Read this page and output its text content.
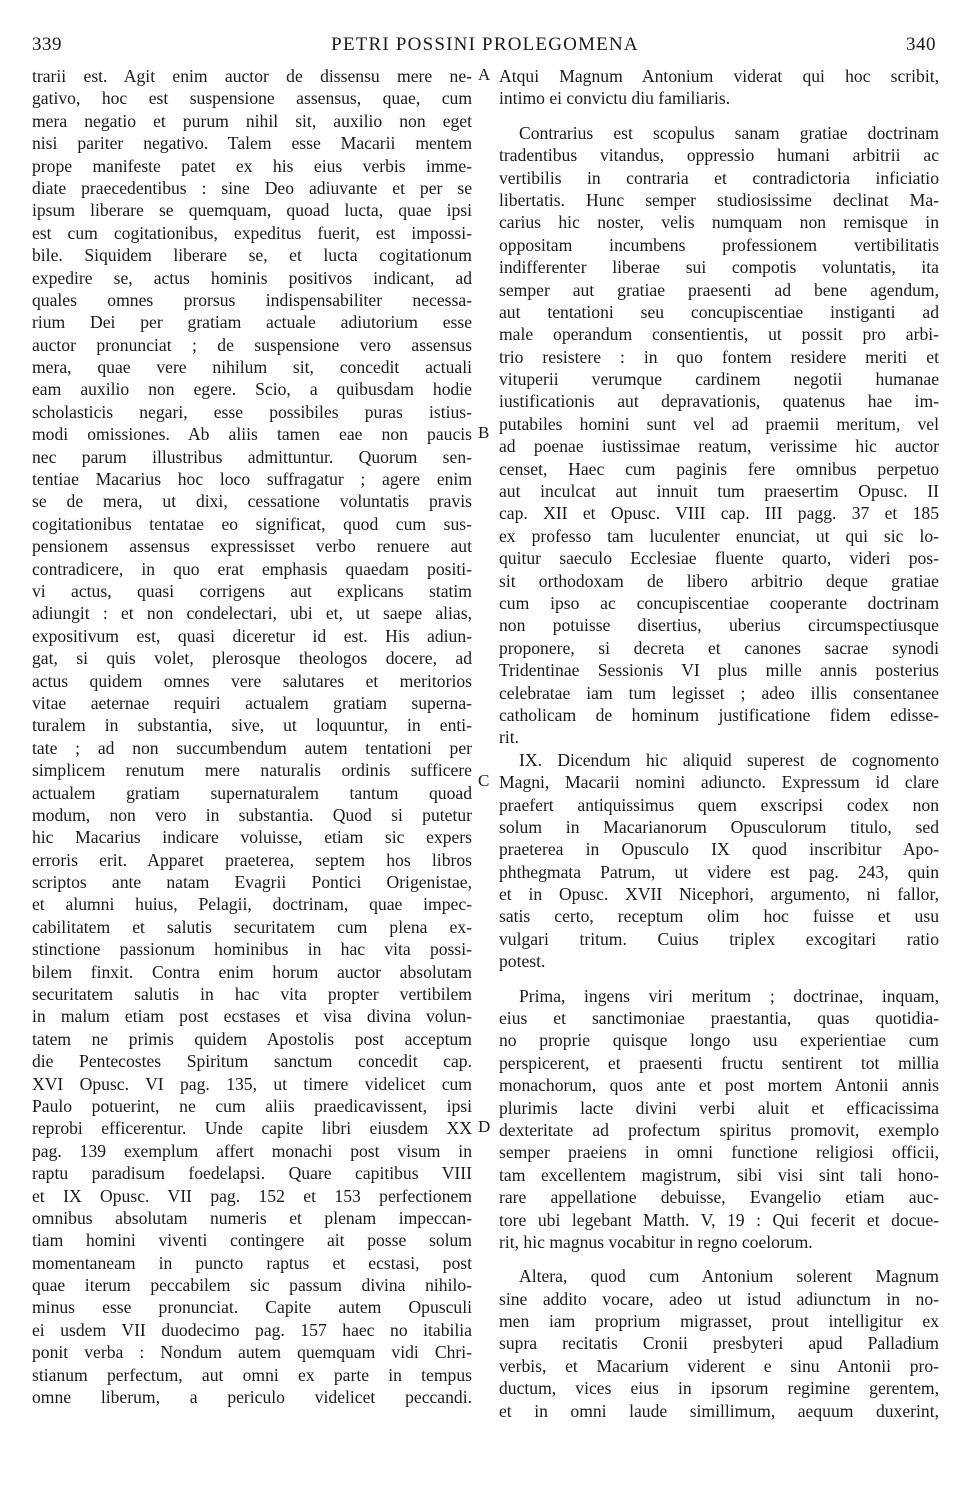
339	PETRI POSSINI PROLEGOMENA	340
A
B
C
D
trarii est. Agit enim auctor de dissensu mere ne-
gativo, hoc est suspensione assensus, quae, cum
mera negatio et purum nihil sit, auxilio non eget
nisi pariter negativo. Talem esse Macarii mentem
prope manifeste patet ex his eius verbis imme-
diate praecedentibus : sine Deo adiuvante et per se
ipsum liberare se quemquam, quoad lucta, quae ipsi
est cum cogitationibus, expeditus fuerit, est impossi-
bile. Siquidem liberare se, et lucta cogitationum
expedire se, actus hominis positivos indicant, ad
quales omnes prorsus indispensabiliter necessa-
rium Dei per gratiam actuale adiutorium esse
auctor pronunciat ; de suspensione vero assensus
mera, quae vere nihilum sit, concedit actuali
eam auxilio non egere. Scio, a quibusdam hodie
scholasticis negari, esse possibiles puras istius-
modi omissiones. Ab aliis tamen eae non paucis
nec parum illustribus admittuntur. Quorum sen-
tentiae Macarius hoc loco suffragatur ; agere enim
se de mera, ut dixi, cessatione voluntatis pravis
cogitationibus tentatae eo significat, quod cum sus-
pensionem assensus expressisset verbo renuere aut
contradicere, in quo erat emphasis quaedam positi-
vi actus, quasi corrigens aut explicans statim
adiungit : et non condelectari, ubi et, ut saepe alias,
expositivum est, quasi diceretur id est. His adiun-
gat, si quis volet, plerosque theologos docere, ad
actus quidem omnes vere salutares et meritorios
vitae aeternae requiri actualem gratiam superna-
turalem in substantia, sive, ut loquuntur, in enti-
tate ; ad non succumbendum autem tentationi per
simplicem renutum mere naturalis ordinis sufficere
actualem gratiam supernaturalem tantum quoad
modum, non vero in substantia. Quod si putetur
hic Macarius indicare voluisse, etiam sic expers
erroris erit. Apparet praeterea, septem hos libros
scriptos ante natam Evagrii Pontici Origenistae,
et alumni huius, Pelagii, doctrinam, quae impec-
cabilitatem et salutis securitatem cum plena ex-
stinctione passionum hominibus in hac vita possi-
bilem finxit. Contra enim horum auctor absolutam
securitatem salutis in hac vita propter vertibilem
in malum etiam post ecstases et visa divina volun-
tatem ne primis quidem Apostolis post acceptum
die Pentecostes Spiritum sanctum concedit cap.
XVI Opusc. VI pag. 135, ut timere videlicet cum
Paulo potuerint, ne cum aliis praedicavissent, ipsi
reprobi efficerentur. Unde capite libri eiusdem XX
pag. 139 exemplum affert monachi post visum in
raptu paradisum foedelapsi. Quare capitibus VIII
et IX Opusc. VII pag. 152 et 153 perfectionem
omnibus absolutam numeris et plenam impeccan-
tiam homini viventi contingere ait posse solum
momentaneam in puncto raptus et ecstasi, post
quae iterum peccabilem sic passum divina nihilo-
minus esse pronunciat. Capite autem Opusculi
ei usdem VII duodecimo pag. 157 haec no itabilia
ponit verba : Nondum autem quemquam vidi Chri-
stianum perfectum, aut omni ex parte in tempus
omne liberum, a periculo videlicet peccandi.
Atqui Magnum Antonium viderat qui hoc scribit,
intimo ei convictu diu familiaris.
Contrarius est scopulus sanam gratiae doctrinam
tradentibus vitandus, oppressio humani arbitrii ac
vertibilis in contraria et contradictoria inficiatio
libertatis. Hunc semper studiosissime declinat Ma-
carius hic noster, velis numquam non remisque in
oppositam incumbens professionem vertibilitatis
indifferenter liberae sui compotis voluntatis, ita
semper aut gratiae praesenti ad bene agendum,
aut tentationi seu concupiscentiae instiganti ad
male operandum consentientis, ut possit pro arbi-
trio resistere : in quo fontem residere meriti et
vituperii verumque cardinem negotii humanae
iustificationis aut depravationis, quatenus hae im-
putabiles homini sunt vel ad praemii meritum, vel
ad poenae iustissimae reatum, verissime hic auctor
censet, Haec cum paginis fere omnibus perpetuo
aut inculcat aut innuit tum praesertim Opusc. II
cap. XII et Opusc. VIII cap. III pagg. 37 et 185
ex professo tam luculenter enunciat, ut qui sic lo-
quitur saeculo Ecclesiae fluente quarto, videri pos-
sit orthodoxam de libero arbitrio deque gratiae
cum ipso ac concupiscentiae cooperante doctrinam
non potuisse disertius, uberius circumspectiusque
proponere, si decreta et canones sacrae synodi
Tridentinae Sessionis VI plus mille annis posterius
celebratae iam tum legisset ; adeo illis consentanee
catholicam de hominum justificatione fidem edisse-
rit.
IX. Dicendum hic aliquid superest de cognomento
Magni, Macarii nomini adiuncto. Expressum id clare
praefert antiquissimus quem exscripsi codex non
solum in Macarianorum Opusculorum titulo, sed
praeterea in Opusculo IX quod inscribitur Apo-
phthegmata Patrum, ut videre est pag. 243, quin
et in Opusc. XVII Nicephori, argumento, ni fallor,
satis certo, receptum olim hoc fuisse et usu
vulgari tritum. Cuius triplex excogitari ratio
potest.
Prima, ingens viri meritum ; doctrinae, inquam,
eius et sanctimoniae praestantia, quas quotidia-
no proprie quisque longo usu experientiae cum
perspicerent, et praesenti fructu sentirent tot millia
monachorum, quos ante et post mortem Antonii annis
plurimis lacte divini verbi aluit et efficacissima
dexteritate ad profectum spiritus promovit, exemplo
semper praeiens in omni functione religiosi officii,
tam excellentem magistrum, sibi visi sint tali hono-
rare appellatione debuisse, Evangelio etiam auc-
tore ubi legebant Matth. V, 19 : Qui fecerit et docue-
rit, hic magnus vocabitur in regno coelorum.
Altera, quod cum Antonium solerent Magnum
sine addito vocare, adeo ut istud adiunctum in no-
men iam proprium migrasset, prout intelligitur ex
supra recitatis Cronii presbyteri apud Palladium
verbis, et Macarium viderent e sinu Antonii pro-
ductum, vices eius in ipsorum regimine gerentem,
et in omni laude simillimum, aequum duxerint,
